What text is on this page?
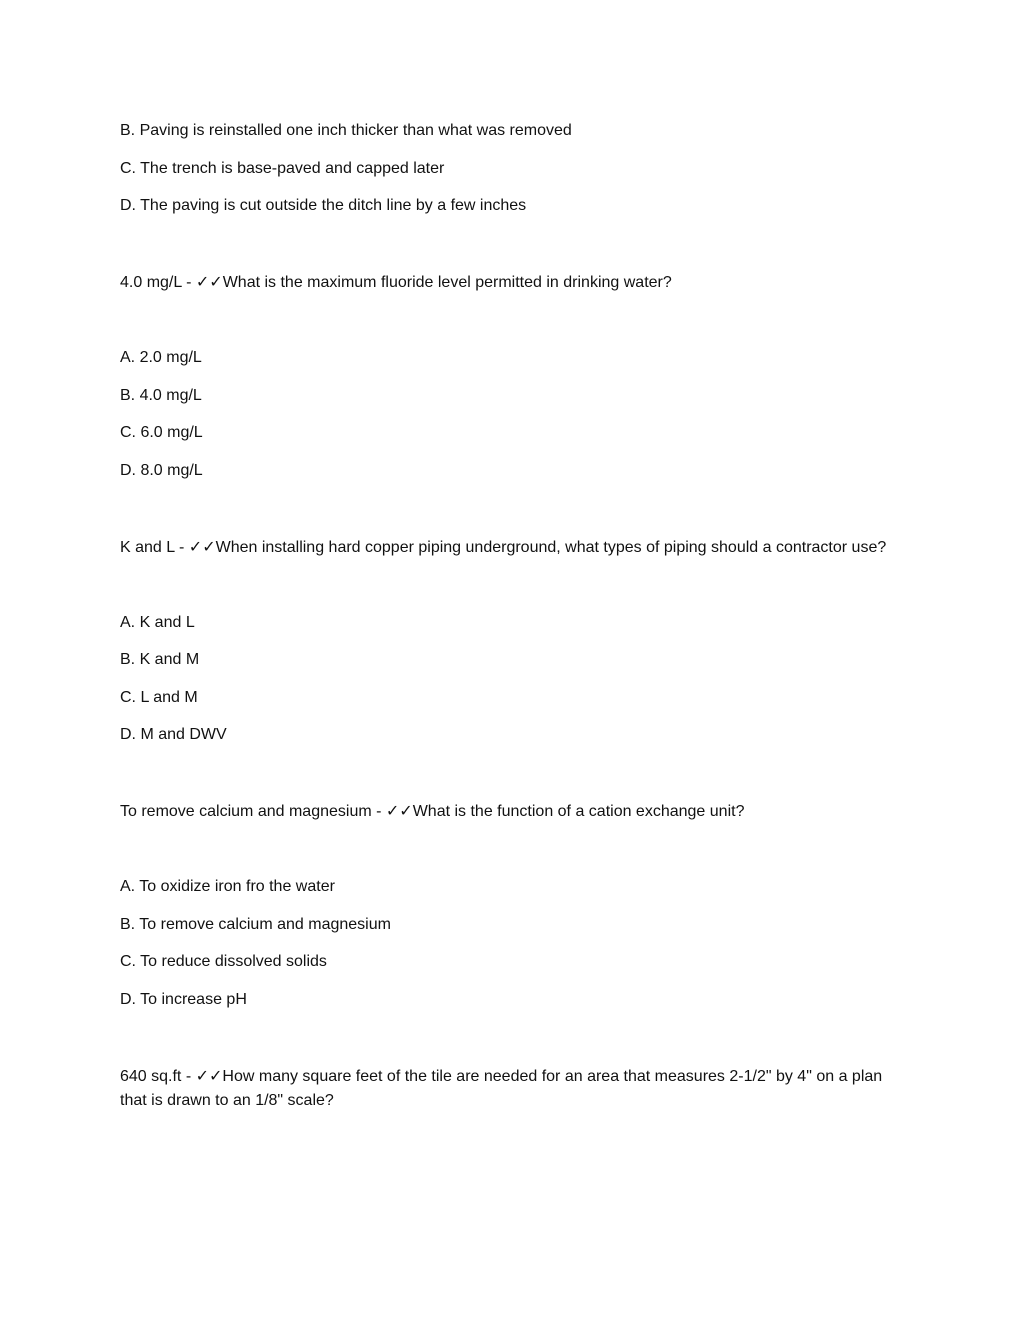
B. Paving is reinstalled one inch thicker than what was removed

C. The trench is base-paved and capped later

D. The paving is cut outside the ditch line by a few inches

4.0 mg/L - ✓✓What is the maximum fluoride level permitted in drinking water?

A. 2.0 mg/L

B. 4.0 mg/L

C. 6.0 mg/L

D. 8.0 mg/L

K and L - ✓✓When installing hard copper piping underground, what types of piping should a contractor use?

A. K and L

B. K and M

C. L and M

D. M and DWV

To remove calcium and magnesium - ✓✓What is the function of a cation exchange unit?

A. To oxidize iron fro the water

B. To remove calcium and magnesium

C. To reduce dissolved solids

D. To increase pH

640 sq.ft - ✓✓How many square feet of the tile are needed for an area that measures 2-1/2" by 4" on a plan that is drawn to an 1/8" scale?
